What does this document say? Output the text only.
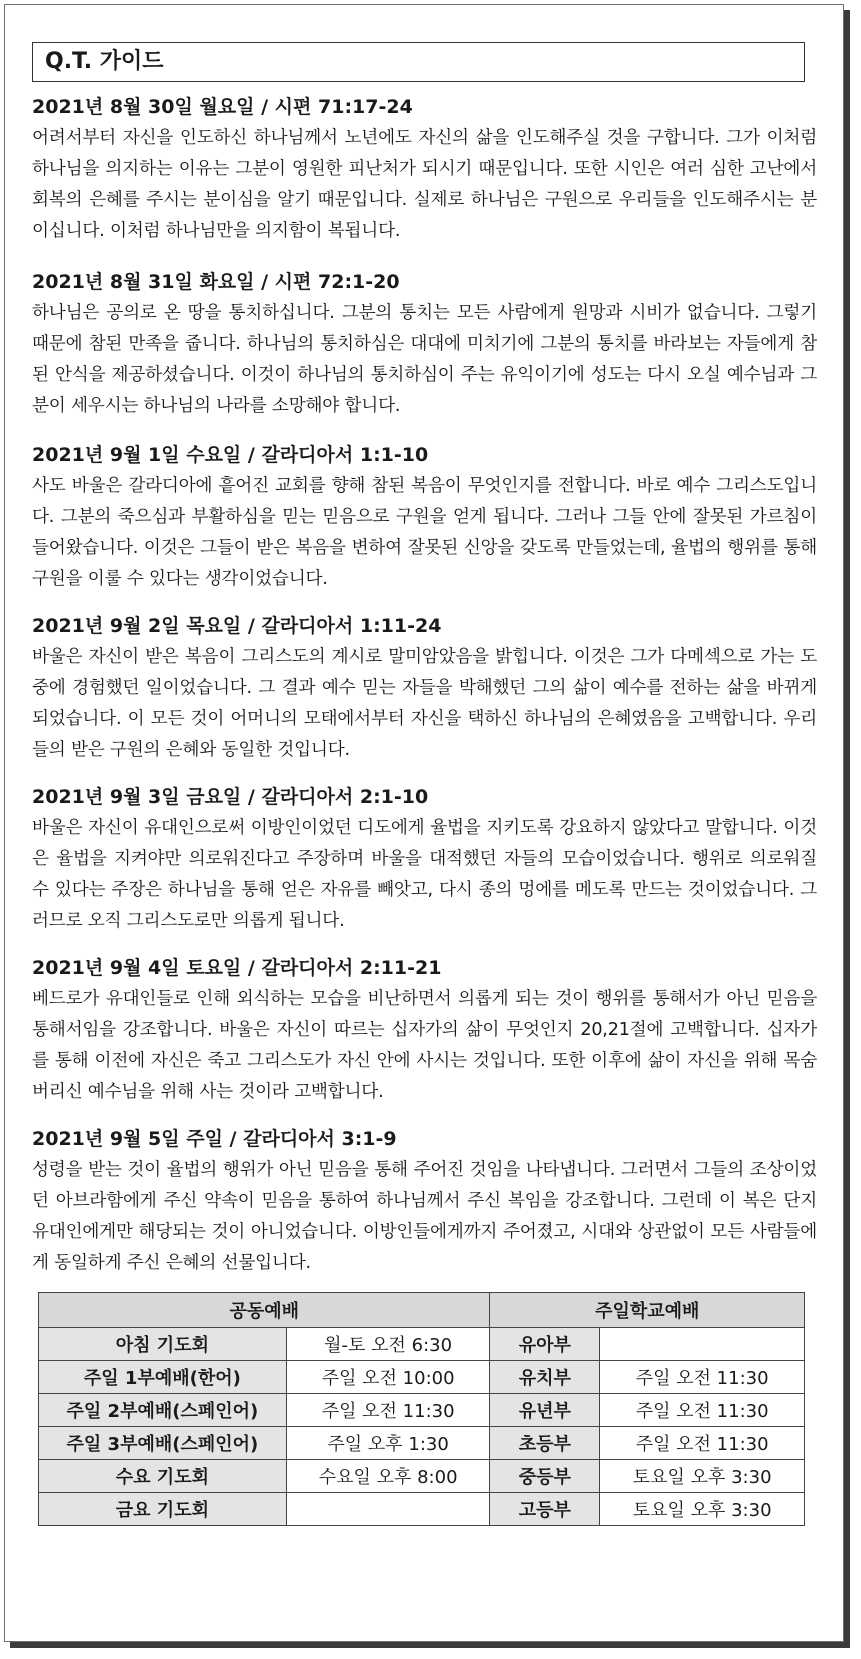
Q.T. 가이드
2021년 8월 30일 월요일 / 시편 71:17-24
어려서부터 자신을 인도하신 하나님께서 노년에도 자신의 삶을 인도해주실 것을 구합니다. 그가 이처럼 하나님을 의지하는 이유는 그분이 영원한 피난처가 되시기 때문입니다. 또한 시인은 여러 심한 고난에서 회복의 은혜를 주시는 분이심을 알기 때문입니다. 실제로 하나님은 구원으로 우리들을 인도해주시는 분이십니다. 이처럼 하나님만을 의지함이 복됩니다.
2021년 8월 31일 화요일 / 시편 72:1-20
하나님은 공의로 온 땅을 통치하십니다. 그분의 통치는 모든 사람에게 원망과 시비가 없습니다. 그렇기 때문에 참된 만족을 줍니다. 하나님의 통치하심은 대대에 미치기에 그분의 통치를 바라보는 자들에게 참된 안식을 제공하셨습니다. 이것이 하나님의 통치하심이 주는 유익이기에 성도는 다시 오실 예수님과 그분이 세우시는 하나님의 나라를 소망해야 합니다.
2021년 9월 1일 수요일 / 갈라디아서 1:1-10
사도 바울은 갈라디아에 흩어진 교회를 향해 참된 복음이 무엇인지를 전합니다. 바로 예수 그리스도입니다. 그분의 죽으심과 부활하심을 믿는 믿음으로 구원을 얻게 됩니다. 그러나 그들 안에 잘못된 가르침이 들어왔습니다. 이것은 그들이 받은 복음을 변하여 잘못된 신앙을 갖도록 만들었는데, 율법의 행위를 통해 구원을 이룰 수 있다는 생각이었습니다.
2021년 9월 2일 목요일 / 갈라디아서 1:11-24
바울은 자신이 받은 복음이 그리스도의 계시로 말미암았음을 밝힙니다. 이것은 그가 다메섹으로 가는 도중에 경험했던 일이었습니다. 그 결과 예수 믿는 자들을 박해했던 그의 삶이 예수를 전하는 삶을 바뀌게 되었습니다. 이 모든 것이 어머니의 모태에서부터 자신을 택하신 하나님의 은혜였음을 고백합니다. 우리들의 받은 구원의 은혜와 동일한 것입니다.
2021년 9월 3일 금요일 / 갈라디아서 2:1-10
바울은 자신이 유대인으로써 이방인이었던 디도에게 율법을 지키도록 강요하지 않았다고 말합니다. 이것은 율법을 지켜야만 의로워진다고 주장하며 바울을 대적했던 자들의 모습이었습니다. 행위로 의로워질 수 있다는 주장은 하나님을 통해 얻은 자유를 빼앗고, 다시 종의 멍에를 메도록 만드는 것이었습니다. 그러므로 오직 그리스도로만 의롭게 됩니다.
2021년 9월 4일 토요일 / 갈라디아서 2:11-21
베드로가 유대인들로 인해 외식하는 모습을 비난하면서 의롭게 되는 것이 행위를 통해서가 아닌 믿음을 통해서임을 강조합니다. 바울은 자신이 따르는 십자가의 삶이 무엇인지 20,21절에 고백합니다. 십자가를 통해 이전에 자신은 죽고 그리스도가 자신 안에 사시는 것입니다. 또한 이후에 삶이 자신을 위해 목숨버리신 예수님을 위해 사는 것이라 고백합니다.
2021년 9월 5일 주일 / 갈라디아서 3:1-9
성령을 받는 것이 율법의 행위가 아닌 믿음을 통해 주어진 것임을 나타냅니다. 그러면서 그들의 조상이었던 아브라함에게 주신 약속이 믿음을 통하여 하나님께서 주신 복임을 강조합니다. 그런데 이 복은 단지 유대인에게만 해당되는 것이 아니었습니다. 이방인들에게까지 주어졌고, 시대와 상관없이 모든 사람들에게 동일하게 주신 은혜의 선물입니다.
공동예배		주일학교예배	
아침 기도회	월-토 오전 6:30	유아부	
주일 1부예배(한어)	주일 오전 10:00	유치부	주일 오전 11:30
주일 2부예배(스페인어)	주일 오전 11:30	유년부	주일 오전 11:30
주일 3부예배(스페인어)	주일 오후 1:30	초등부	주일 오전 11:30
수요 기도회	수요일 오후 8:00	중등부	토요일 오후 3:30
금요 기도회		고등부	토요일 오후 3:30
